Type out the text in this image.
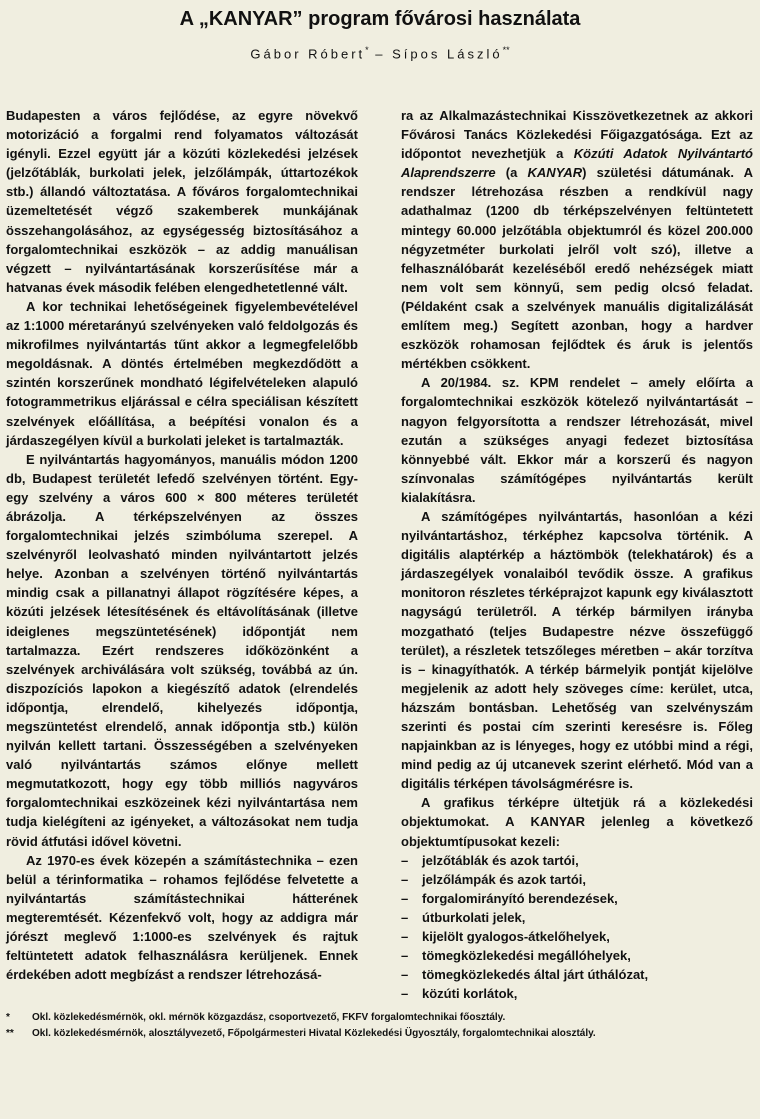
A „KANYAR” program fővárosi használata
Gábor Róbert* – Sípos László**

Budapesten a város fejlődése, az egyre növekvő motorizáció a forgalmi rend folyamatos változását igényli. Ezzel együtt jár a közúti közlekedési jelzések (jelzőtáblák, burkolati jelek, jelzőlámpák, úttartozékok stb.) állandó változtatása. A főváros forgalomtechnikai üzemeltetését végző szakemberek munkájának összehangolásához, az egységesség biztosításához a forgalomtechnikai eszközök – az addig manuálisan végzett – nyilvántartásának korszerűsítése már a hatvanas évek második felében elengedhetetlenné vált.

A kor technikai lehetőségeinek figyelembevételével az 1:1000 méretarányú szelvényeken való feldolgozás és mikrofilmes nyilvántartás tűnt akkor a legmegfelelőbb megoldásnak. A döntés értelmében megkezdődött a szintén korszerűnek mondható légifelvételeken alapuló fotogrammetrikus eljárással e célra speciálisan készített szelvények előállítása, a beépítési vonalon és a járdaszegélyen kívül a burkolati jeleket is tartalmazták.

E nyilvántartás hagyományos, manuális módon 1200 db, Budapest területét lefedő szelvényen történt. Egy-egy szelvény a város 600 × 800 méteres területét ábrázolja. A térképszelvényen az összes forgalomtechnikai jelzés szimbóluma szerepel. A szelvényről leolvasható minden nyilvántartott jelzés helye. Azonban a szelvényen történő nyilvántartás mindig csak a pillanatnyi állapot rögzítésére képes, a közúti jelzések létesítésének és eltávolításának (illetve ideiglenes megszüntetésének) időpontját nem tartalmazza. Ezért rendszeres időközönként a szelvények archiválására volt szükség, továbbá az ún. diszpozíciós lapokon a kiegészítő adatok (elrendelés időpontja, elrendelő, kihelyezés időpontja, megszüntetést elrendelő, annak időpontja stb.) külön nyilván kellett tartani. Összességében a szelvényeken való nyilvántartás számos előnye mellett megmutatkozott, hogy egy több milliós nagyváros forgalomtechnikai eszközeinek kézi nyilvántartása nem tudja kielégíteni az igényeket, a változásokat nem tudja rövid átfutási idővel követni.

Az 1970-es évek közepén a számítástechnika – ezen belül a térinformatika – rohamos fejlődése felvetette a nyilvántartás számítástechnikai hátterének megteremtését. Kézenfekvő volt, hogy az addigra már jórészt meglevő 1:1000-es szelvények és rajtuk feltüntetett adatok felhasználásra kerüljenek. Ennek érdekében adott megbízást a rendszer létrehozásá-

ra az Alkalmazástechnikai Kisszövetkezetnek az akkori Fővárosi Tanács Közlekedési Főigazgatósága. Ezt az időpontot nevezhetjük a Közúti Adatok Nyilvántartó Alaprendszerre (a KANYAR) születési dátumának. A rendszer létrehozása részben a rendkívül nagy adathalmaz (1200 db térképszelvényen feltüntetett mintegy 60.000 jelzőtábla objektumról és közel 200.000 négyzetméter burkolati jelről volt szó), illetve a felhasználóbarát kezeléséből eredő nehézségek miatt nem volt sem könnyű, sem pedig olcsó feladat. (Példaként csak a szelvények manuális digitalizálását említem meg.) Segített azonban, hogy a hardver eszközök rohamosan fejlődtek és áruk is jelentős mértékben csökkent.

A 20/1984. sz. KPM rendelet – amely előírta a forgalomtechnikai eszközök kötelező nyilvántartását – nagyon felgyorsította a rendszer létrehozását, mivel ezután a szükséges anyagi fedezet biztosítása könnyebbé vált. Ekkor már a korszerű és nagyon színvonalas számítógépes nyilvántartás került kialakításra.

A számítógépes nyilvántartás, hasonlóan a kézi nyilvántartáshoz, térképhez kapcsolva történik. A digitális alaptérkép a háztömbök (telekhatárok) és a járdaszegélyek vonalaiból tevődik össze. A grafikus monitoron részletes térképrajzot kapunk egy kiválasztott nagyságú területről. A térkép bármilyen irányba mozgatható (teljes Budapestre nézve összefüggő terület), a részletek tetszőleges méretben – akár torzítva is – kinagyíthatók. A térkép bármelyik pontját kijelölve megjelenik az adott hely szöveges címe: kerület, utca, házszám bontásban. Lehetőség van szelvényszám szerinti és postai cím szerinti keresésre is. Főleg napjainkban az is lényeges, hogy ez utóbbi mind a régi, mind pedig az új utcanevek szerint elérhető. Mód van a digitális térképen távolságmérésre is.

A grafikus térképre ültetjük rá a közlekedési objektumokat. A KANYAR jelenleg a következő objektumtípusokat kezeli:

– jelzőtáblák és azok tartói,
– jelzőlámpák és azok tartói,
– forgalomirányító berendezések,
– útburkolati jelek,
– kijelölt gyalogos-átkelőhelyek,
– tömegközlekedési megállóhelyek,
– tömegközlekedés által járt úthálózat,
– közúti korlátok,
*	Okl. közlekedésmérnök, okl. mérnök közgazdász, csoportvezető, FKFV forgalomtechnikai főosztály.
**	Okl. közlekedésmérnök, alosztályvezető, Főpolgármesteri Hivatal Közlekedési Ügyosztály, forgalomtechnikai alosztály.
